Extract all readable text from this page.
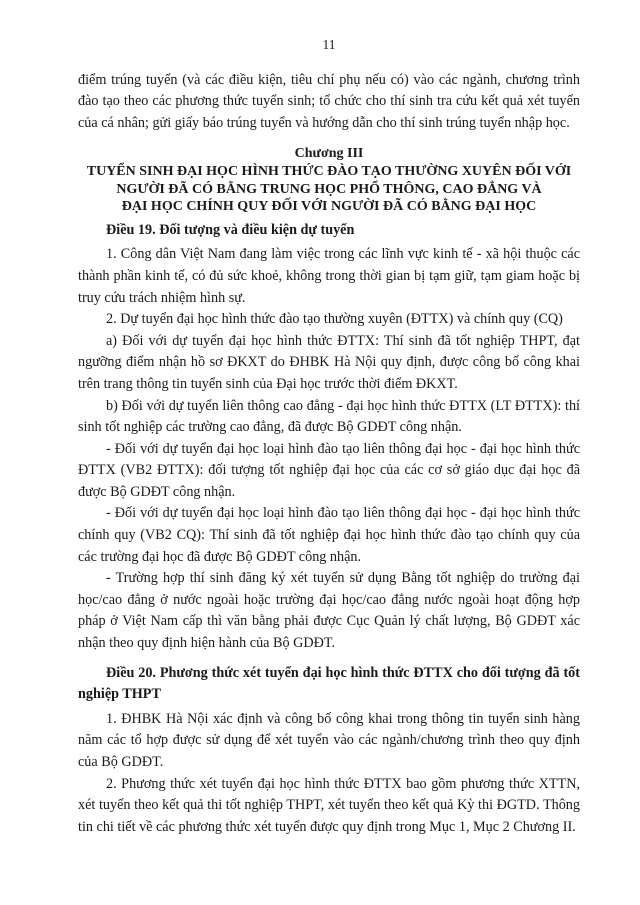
11

điểm trúng tuyển (và các điều kiện, tiêu chí phụ nếu có) vào các ngành, chương trình đào tạo theo các phương thức tuyển sinh; tổ chức cho thí sinh tra cứu kết quả xét tuyển của cá nhân; gửi giấy báo trúng tuyển và hướng dẫn cho thí sinh trúng tuyển nhập học.

Chương III
TUYỂN SINH ĐẠI HỌC HÌNH THỨC ĐÀO TẠO THƯỜNG XUYÊN ĐỐI VỚI
NGƯỜI ĐÃ CÓ BẰNG TRUNG HỌC PHỔ THÔNG, CAO ĐẲNG VÀ
ĐẠI HỌC CHÍNH QUY ĐỐI VỚI NGƯỜI ĐÃ CÓ BẰNG ĐẠI HỌC
Điều 19. Đối tượng và điều kiện dự tuyển

1. Công dân Việt Nam đang làm việc trong các lĩnh vực kinh tế - xã hội thuộc các thành phần kinh tế, có đủ sức khoẻ, không trong thời gian bị tạm giữ, tạm giam hoặc bị truy cứu trách nhiệm hình sự.

2. Dự tuyển đại học hình thức đào tạo thường xuyên (ĐTTX) và chính quy (CQ)

a) Đối với dự tuyển đại học hình thức ĐTTX: Thí sinh đã tốt nghiệp THPT, đạt ngưỡng điểm nhận hồ sơ ĐKXT do ĐHBK Hà Nội quy định, được công bố công khai trên trang thông tin tuyển sinh của Đại học trước thời điểm ĐKXT.

b) Đối với dự tuyển liên thông cao đẳng - đại học hình thức ĐTTX (LT ĐTTX): thí sinh tốt nghiệp các trường cao đẳng, đã được Bộ GDĐT công nhận.

- Đối với dự tuyển đại học loại hình đào tạo liên thông đại học - đại học hình thức ĐTTX (VB2 ĐTTX): đối tượng tốt nghiệp đại học của các cơ sở giáo dục đại học đã được Bộ GDĐT công nhận.

- Đối với dự tuyển đại học loại hình đào tạo liên thông đại học - đại học hình thức chính quy (VB2 CQ): Thí sinh đã tốt nghiệp đại học hình thức đào tạo chính quy của các trường đại học đã được Bộ GDĐT công nhận.

- Trường hợp thí sinh đăng ký xét tuyển sử dụng Bằng tốt nghiệp do trường đại học/cao đẳng ở nước ngoài hoặc trường đại học/cao đẳng nước ngoài hoạt động hợp pháp ở Việt Nam cấp thì văn bằng phải được Cục Quản lý chất lượng, Bộ GDĐT xác nhận theo quy định hiện hành của Bộ GDĐT.

Điều 20. Phương thức xét tuyển đại học hình thức ĐTTX cho đối tượng đã tốt nghiệp THPT

1. ĐHBK Hà Nội xác định và công bố công khai trong thông tin tuyển sinh hàng năm các tổ hợp được sử dụng để xét tuyển vào các ngành/chương trình theo quy định của Bộ GDĐT.

2. Phương thức xét tuyển đại học hình thức ĐTTX bao gồm phương thức XTTN, xét tuyển theo kết quả thi tốt nghiệp THPT, xét tuyển theo kết quả Kỳ thi ĐGTD. Thông tin chi tiết về các phương thức xét tuyển được quy định trong Mục 1, Mục 2 Chương II.
